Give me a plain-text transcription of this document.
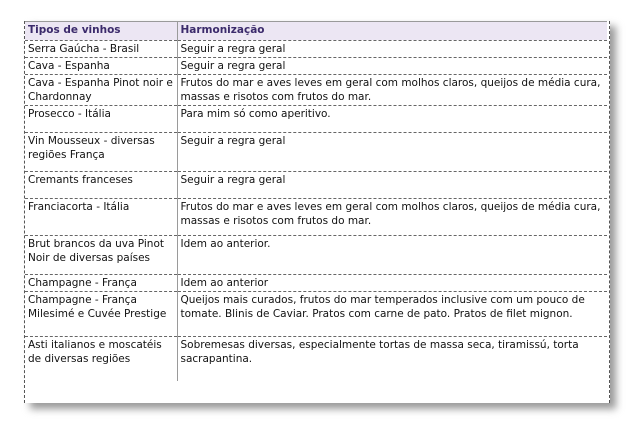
Tipos de vinhos	Harmonização
Serra Gaúcha - Brasil	Seguir a regra geral
Cava - Espanha	Seguir a regra geral
Cava - Espanha Pinot noir e Chardonnay	Frutos do mar e aves leves em geral com molhos claros, queijos de média cura, massas e risotos com frutos do mar.
Prosecco - Itália	Para mim só como aperitivo.
Vin Mousseux - diversas regiões França	Seguir a regra geral
Cremants franceses	Seguir a regra geral
Franciacorta - Itália	Frutos do mar e aves leves em geral com molhos claros, queijos de média cura, massas e risotos com frutos do mar.

Brut brancos da uva Pinot Noir de diversas países	Idem ao anterior.
Champagne - França	Idem ao anterior
Champagne - França Milesimé e Cuvée Prestige	Queijos mais curados, frutos do mar temperados inclusive com um pouco de tomate. Blinis de Caviar. Pratos com carne de pato. Pratos de filet mignon.
Asti italianos e moscatéis de diversas regiões	Sobremesas diversas, especialmente tortas de massa seca, tiramissú, torta sacrapantina.
